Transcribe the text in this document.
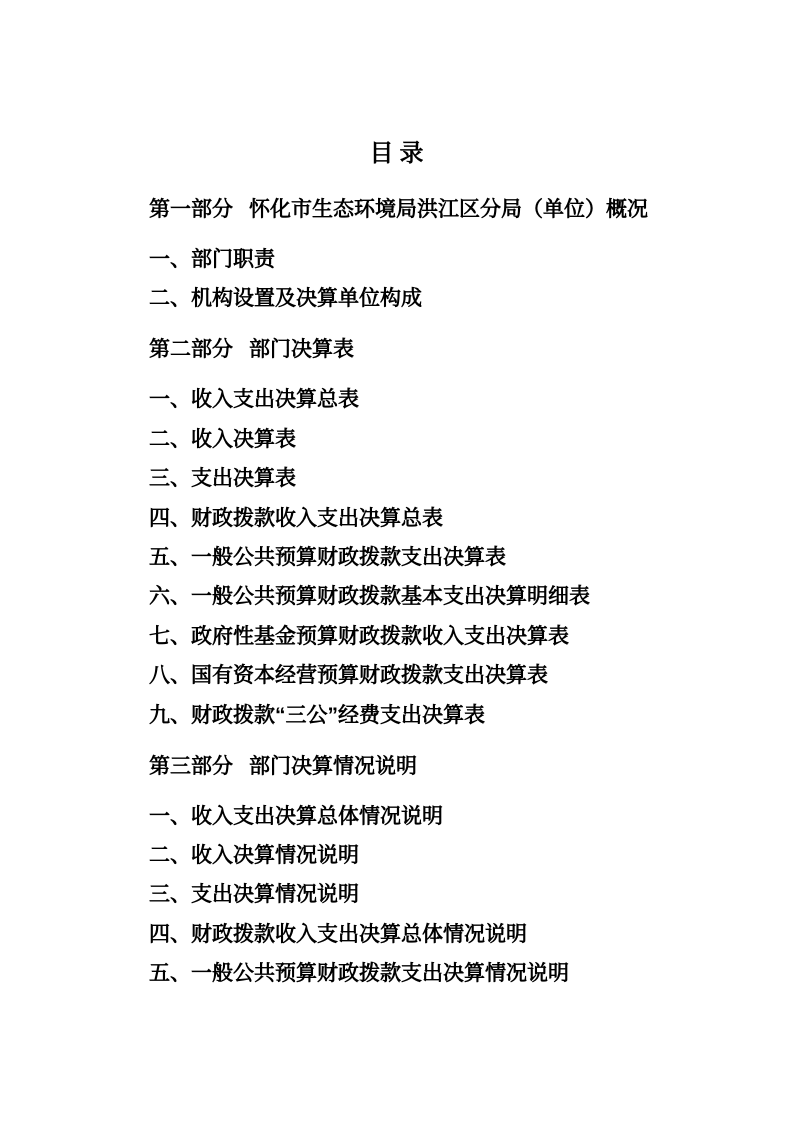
目录
第一部分 怀化市生态环境局洪江区分局（单位）概况

一、部门职责

二、机构设置及决算单位构成

第二部分 部门决算表

一、收入支出决算总表

二、收入决算表

三、支出决算表

四、财政拨款收入支出决算总表

五、一般公共预算财政拨款支出决算表

六、一般公共预算财政拨款基本支出决算明细表

七、政府性基金预算财政拨款收入支出决算表

八、国有资本经营预算财政拨款支出决算表

九、财政拨款“三公”经费支出决算表

第三部分 部门决算情况说明

一、收入支出决算总体情况说明

二、收入决算情况说明

三、支出决算情况说明

四、财政拨款收入支出决算总体情况说明

五、一般公共预算财政拨款支出决算情况说明
